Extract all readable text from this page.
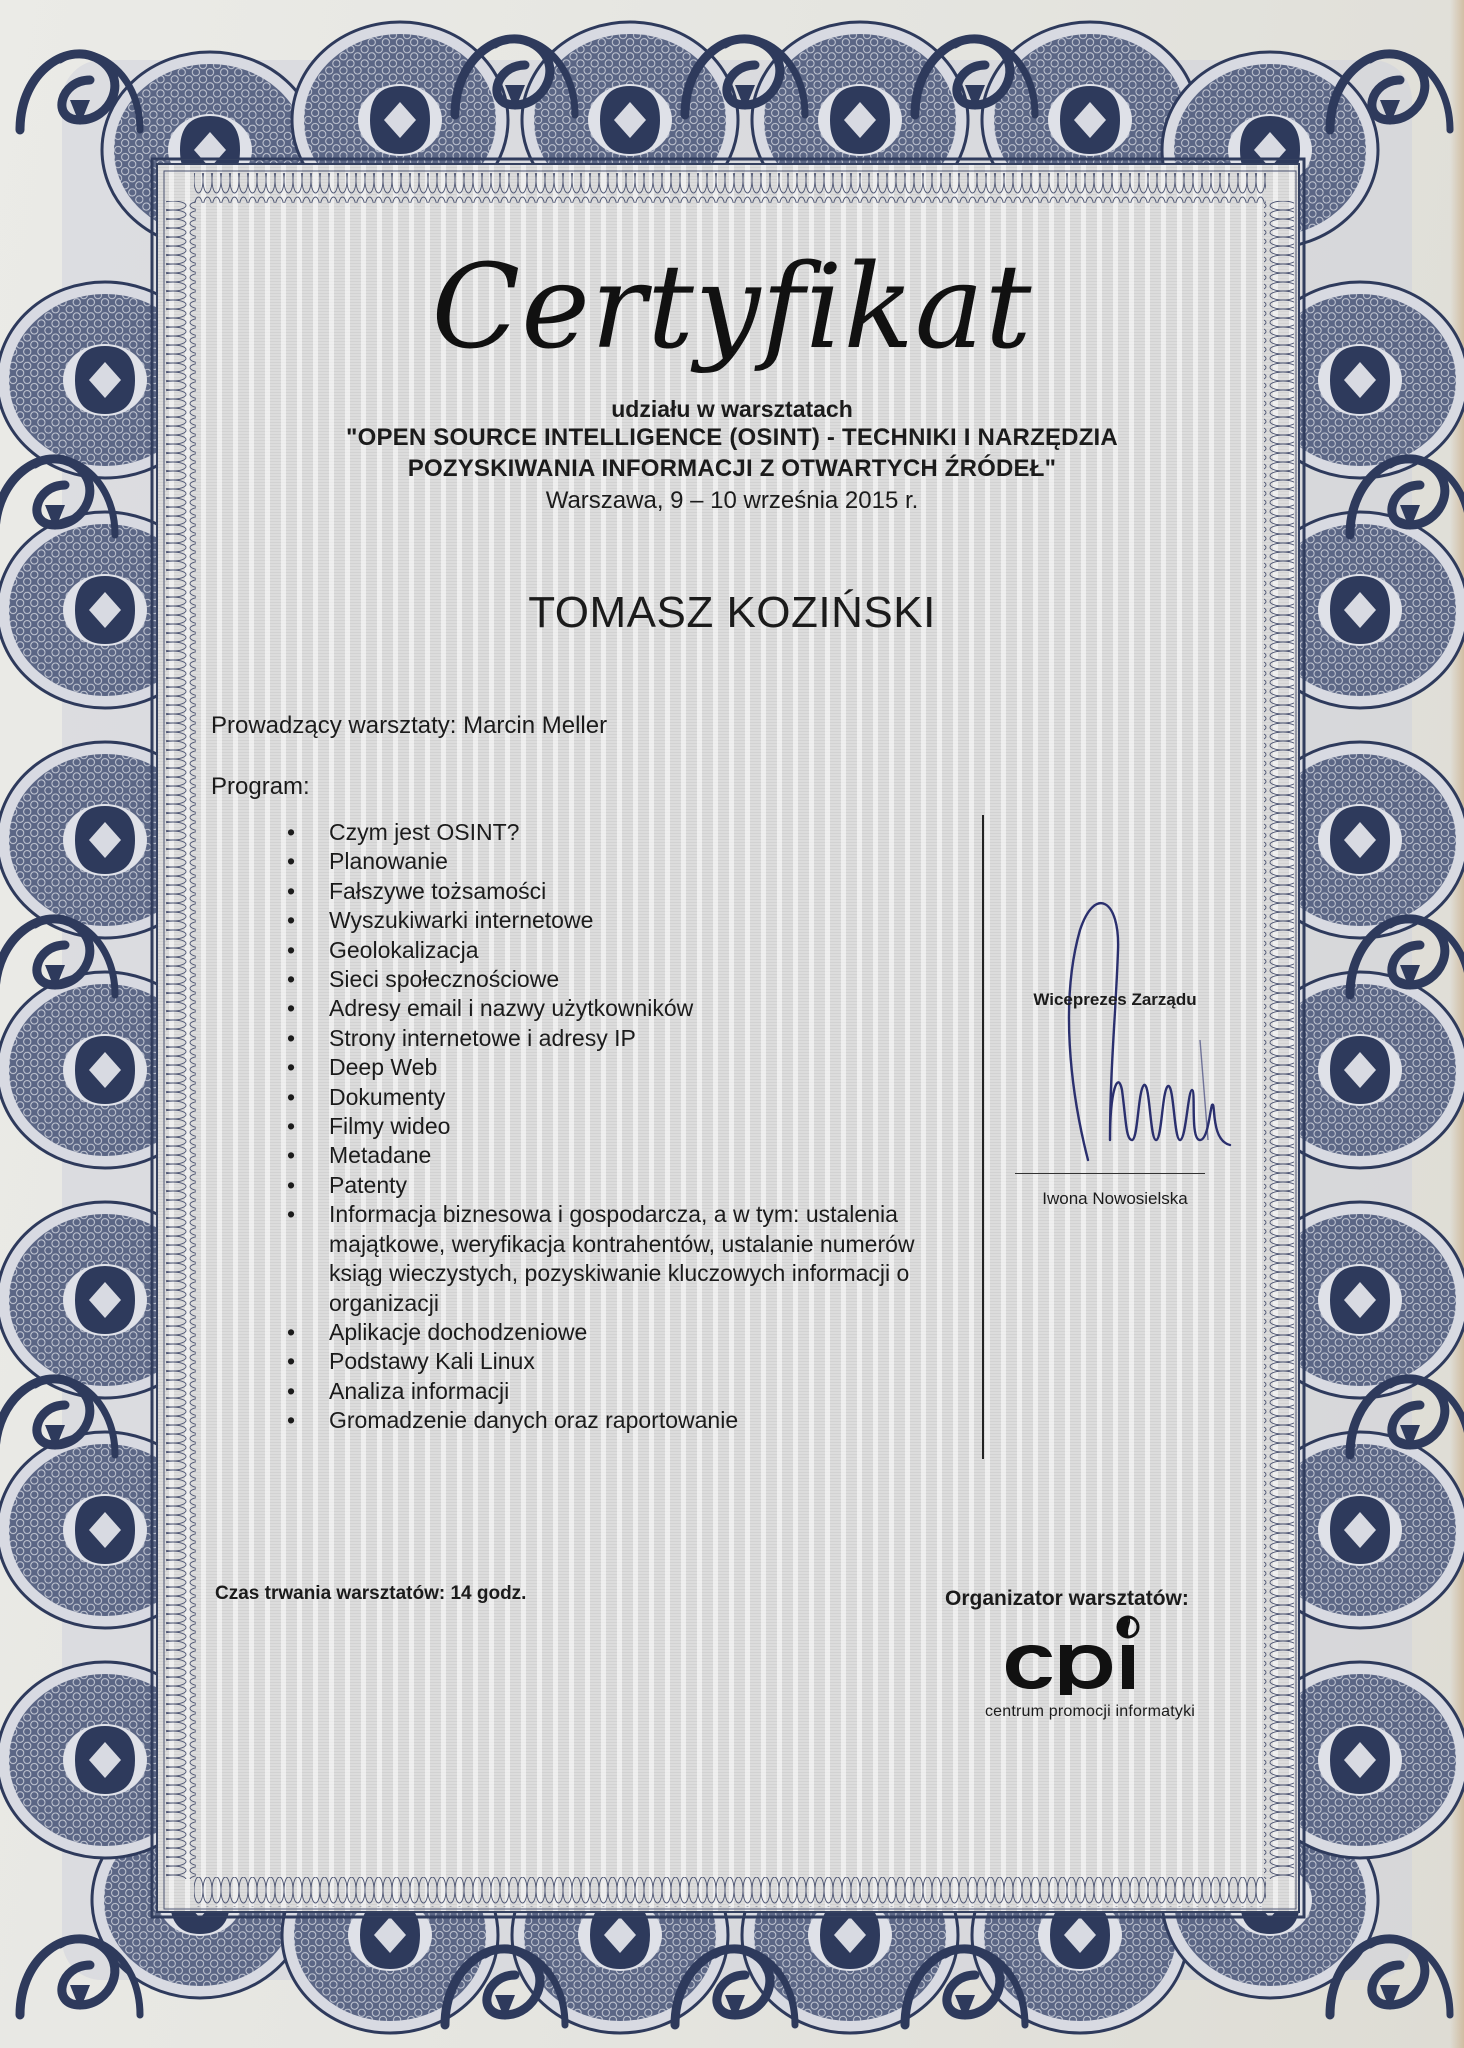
Certyfikat
udziału w warsztatach
"OPEN SOURCE INTELLIGENCE (OSINT) - TECHNIKI I NARZĘDZIA
POZYSKIWANIA INFORMACJI Z OTWARTYCH ŹRÓDEŁ"
Warszawa, 9 – 10 września 2015 r.
TOMASZ KOZIŃSKI
Prowadzący warsztaty: Marcin Meller
Program:
• Czym jest OSINT?
• Planowanie
• Fałszywe tożsamości
• Wyszukiwarki internetowe
• Geolokalizacja
• Sieci społecznościowe
• Adresy email i nazwy użytkowników
• Strony internetowe i adresy IP
• Deep Web
• Dokumenty
• Filmy wideo
• Metadane
• Patenty
• Informacja biznesowa i gospodarcza, a w tym: ustalenia majątkowe, weryfikacja kontrahentów, ustalanie numerów ksiąg wieczystych, pozyskiwanie kluczowych informacji o organizacji
• Aplikacje dochodzeniowe
• Podstawy Kali Linux
• Analiza informacji
• Gromadzenie danych oraz raportowanie
Wiceprezes Zarządu
Iwona Nowosielska
Czas trwania warsztatów: 14 godz.	Organizator warsztatów:
centrum promocji informatyki
